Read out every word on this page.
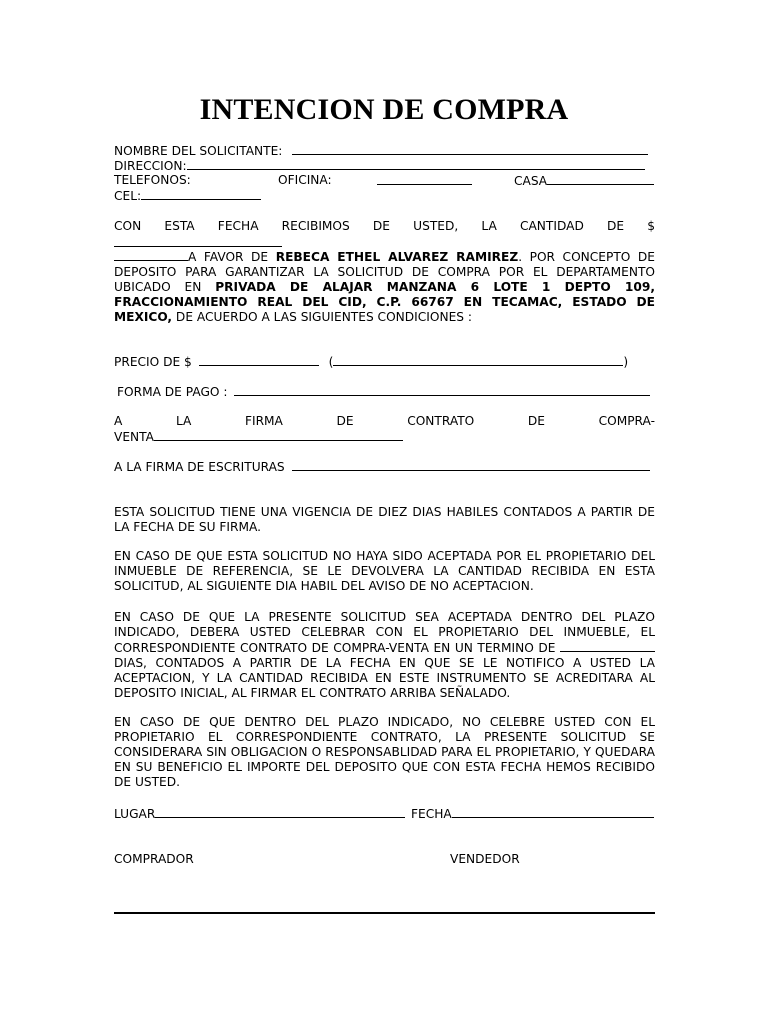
INTENCION DE COMPRA
NOMBRE DEL SOLICITANTE:
DIRECCION:
TELEFONOS:	OFICINA:	CASA
CEL:
CON ESTA FECHA RECIBIMOS DE USTED, LA CANTIDAD DE $
A FAVOR DE REBECA ETHEL ALVAREZ RAMIREZ. POR CONCEPTO DE DEPOSITO PARA GARANTIZAR LA SOLICITUD DE COMPRA POR EL DEPARTAMENTO UBICADO EN PRIVADA DE ALAJAR MANZANA 6 LOTE 1 DEPTO 109, FRACCIONAMIENTO REAL DEL CID, C.P. 66767 EN TECAMAC, ESTADO DE MEXICO, DE ACUERDO A LAS SIGUIENTES CONDICIONES :
PRECIO DE $	(	)
FORMA DE PAGO :
A LA FIRMA DE CONTRATO DE COMPRA-
VENTA
A LA FIRMA DE ESCRITURAS
ESTA SOLICITUD TIENE UNA VIGENCIA DE DIEZ DIAS HABILES CONTADOS A PARTIR DE LA FECHA DE SU FIRMA.
EN CASO DE QUE ESTA SOLICITUD NO HAYA SIDO ACEPTADA POR EL PROPIETARIO DEL INMUEBLE DE REFERENCIA, SE LE DEVOLVERA LA CANTIDAD RECIBIDA EN ESTA SOLICITUD, AL SIGUIENTE DIA HABIL DEL AVISO DE NO ACEPTACION.
EN CASO DE QUE LA PRESENTE SOLICITUD SEA ACEPTADA DENTRO DEL PLAZO INDICADO, DEBERA USTED CELEBRAR CON EL PROPIETARIO DEL INMUEBLE, EL CORRESPONDIENTE CONTRATO DE COMPRA-VENTA EN UN TERMINO DE  DIAS, CONTADOS A PARTIR DE LA FECHA EN QUE SE LE NOTIFICO A USTED LA ACEPTACION, Y LA CANTIDAD RECIBIDA EN ESTE INSTRUMENTO SE ACREDITARA AL DEPOSITO INICIAL, AL FIRMAR EL CONTRATO ARRIBA SEÑALADO.
EN CASO DE QUE DENTRO DEL PLAZO INDICADO, NO CELEBRE USTED CON EL PROPIETARIO EL CORRESPONDIENTE CONTRATO, LA PRESENTE SOLICITUD SE CONSIDERARA SIN OBLIGACION O RESPONSABLIDAD PARA EL PROPIETARIO, Y QUEDARA EN SU BENEFICIO EL IMPORTE DEL DEPOSITO QUE CON ESTA FECHA HEMOS RECIBIDO DE USTED.
LUGAR	FECHA
COMPRADOR	VENDEDOR
